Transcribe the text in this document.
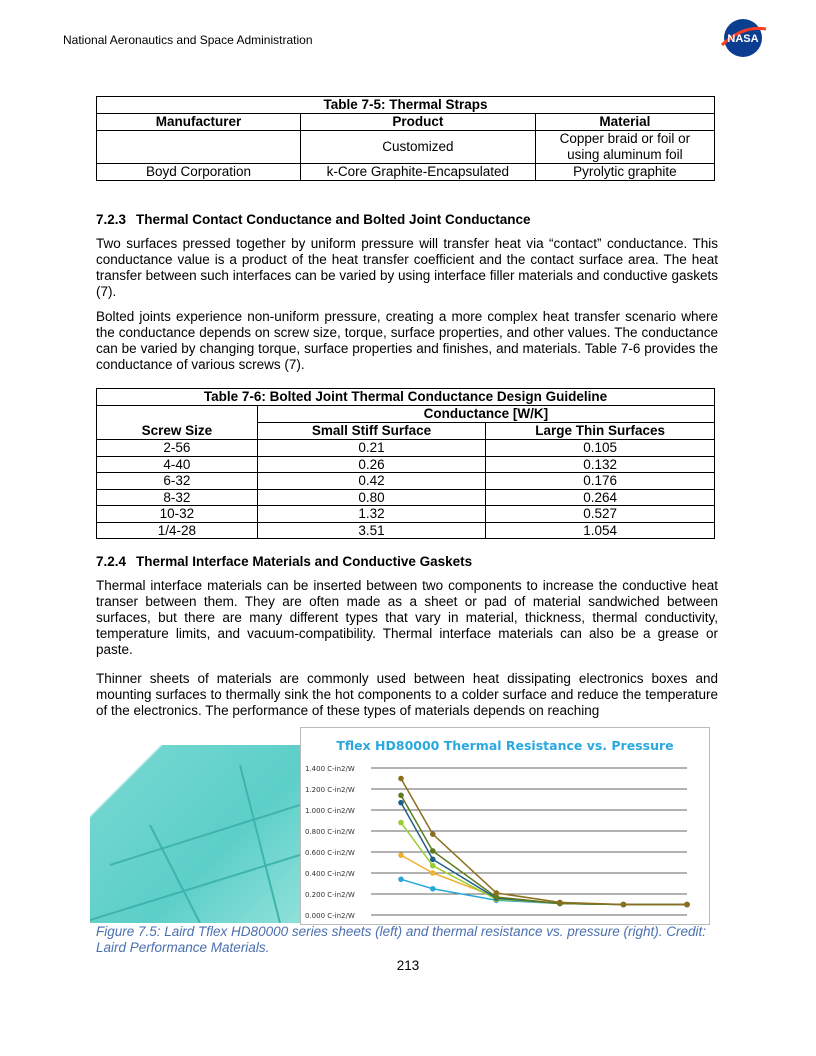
National Aeronautics and Space Administration	NASA
Table 7-5: Thermal Straps		
Manufacturer	Product	Material
	Customized	Copper braid or foil or using aluminum foil
Boyd Corporation	k-Core Graphite-Encapsulated	Pyrolytic graphite
7.2.3 Thermal Contact Conductance and Bolted Joint Conductance
Two surfaces pressed together by uniform pressure will transfer heat via “contact” conductance. This conductance value is a product of the heat transfer coefficient and the contact surface area. The heat transfer between such interfaces can be varied by using interface filler materials and conductive gaskets (7).
Bolted joints experience non-uniform pressure, creating a more complex heat transfer scenario where the conductance depends on screw size, torque, surface properties, and other values. The conductance can be varied by changing torque, surface properties and finishes, and materials. Table 7-6 provides the conductance of various screws (7).
Table 7-6: Bolted Joint Thermal Conductance Design Guideline		
	Conductance [W/K]	
Screw Size	Small Stiff Surface	Large Thin Surfaces
2-56	0.21	0.105
4-40	0.26	0.132
6-32	0.42	0.176
8-32	0.80	0.264
10-32	1.32	0.527
1/4-28	3.51	1.054
7.2.4 Thermal Interface Materials and Conductive Gaskets
Thermal interface materials can be inserted between two components to increase the conductive heat transer between them. They are often made as a sheet or pad of material sandwiched between surfaces, but there are many different types that vary in material, thickness, thermal conductivity, temperature limits, and vacuum-compatibility. Thermal interface materials can also be a grease or paste.
Thinner sheets of materials are commonly used between heat dissipating electronics boxes and mounting surfaces to thermally sink the hot components to a colder surface and reduce the temperature of the electronics. The performance of these types of materials depends on reaching
Tflex HD80000 Thermal Resistance vs. Pressure
0.000 C-in2/W
0.200 C-in2/W
0.400 C-in2/W
0.600 C-in2/W
0.800 C-in2/W
1.000 C-in2/W
1.200 C-in2/W
1.400 C-in2/W
Figure 7.5: Laird Tflex HD80000 series sheets (left) and thermal resistance vs. pressure (right). Credit: Laird Performance Materials.
213
